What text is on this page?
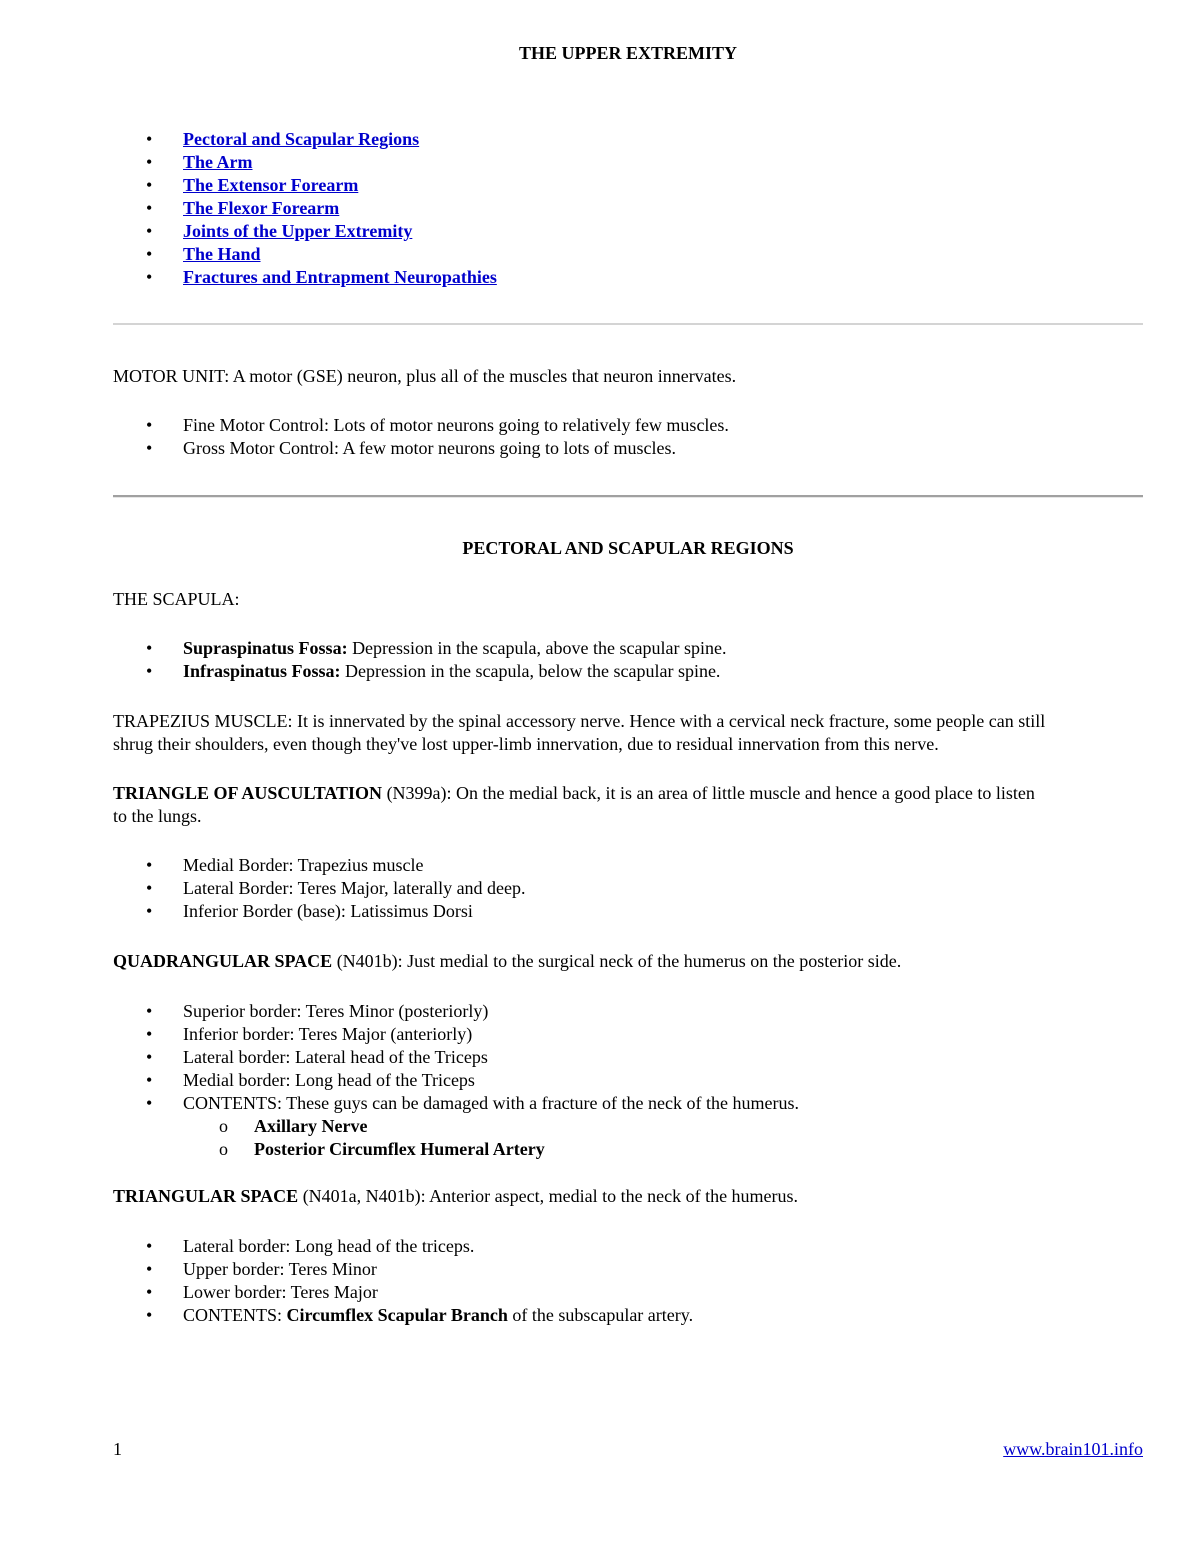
THE UPPER EXTREMITY
•	Pectoral and Scapular Regions
•	The Arm
•	The Extensor Forearm
•	The Flexor Forearm
•	Joints of the Upper Extremity
•	The Hand
•	Fractures and Entrapment Neuropathies
MOTOR UNIT: A motor (GSE) neuron, plus all of the muscles that neuron innervates.
•	Fine Motor Control: Lots of motor neurons going to relatively few muscles.
•	Gross Motor Control: A few motor neurons going to lots of muscles.
PECTORAL AND SCAPULAR REGIONS
THE SCAPULA:
•	Supraspinatus Fossa: Depression in the scapula, above the scapular spine.
•	Infraspinatus Fossa: Depression in the scapula, below the scapular spine.
TRAPEZIUS MUSCLE: It is innervated by the spinal accessory nerve. Hence with a cervical neck fracture, some people can still
shrug their shoulders, even though they've lost upper-limb innervation, due to residual innervation from this nerve.
TRIANGLE OF AUSCULTATION (N399a): On the medial back, it is an area of little muscle and hence a good place to listen
to the lungs.
•	Medial Border: Trapezius muscle
•	Lateral Border: Teres Major, laterally and deep.
•	Inferior Border (base): Latissimus Dorsi
QUADRANGULAR SPACE (N401b): Just medial to the surgical neck of the humerus on the posterior side.
•	Superior border: Teres Minor (posteriorly)
•	Inferior border: Teres Major (anteriorly)
•	Lateral border: Lateral head of the Triceps
•	Medial border: Long head of the Triceps
•	CONTENTS: These guys can be damaged with a fracture of the neck of the humerus.
o Axillary Nerve
o Posterior Circumflex Humeral Artery
TRIANGULAR SPACE (N401a, N401b): Anterior aspect, medial to the neck of the humerus.
•	Lateral border: Long head of the triceps.
•	Upper border: Teres Minor
•	Lower border: Teres Major
•	CONTENTS: Circumflex Scapular Branch of the subscapular artery.
1	www.brain101.info
